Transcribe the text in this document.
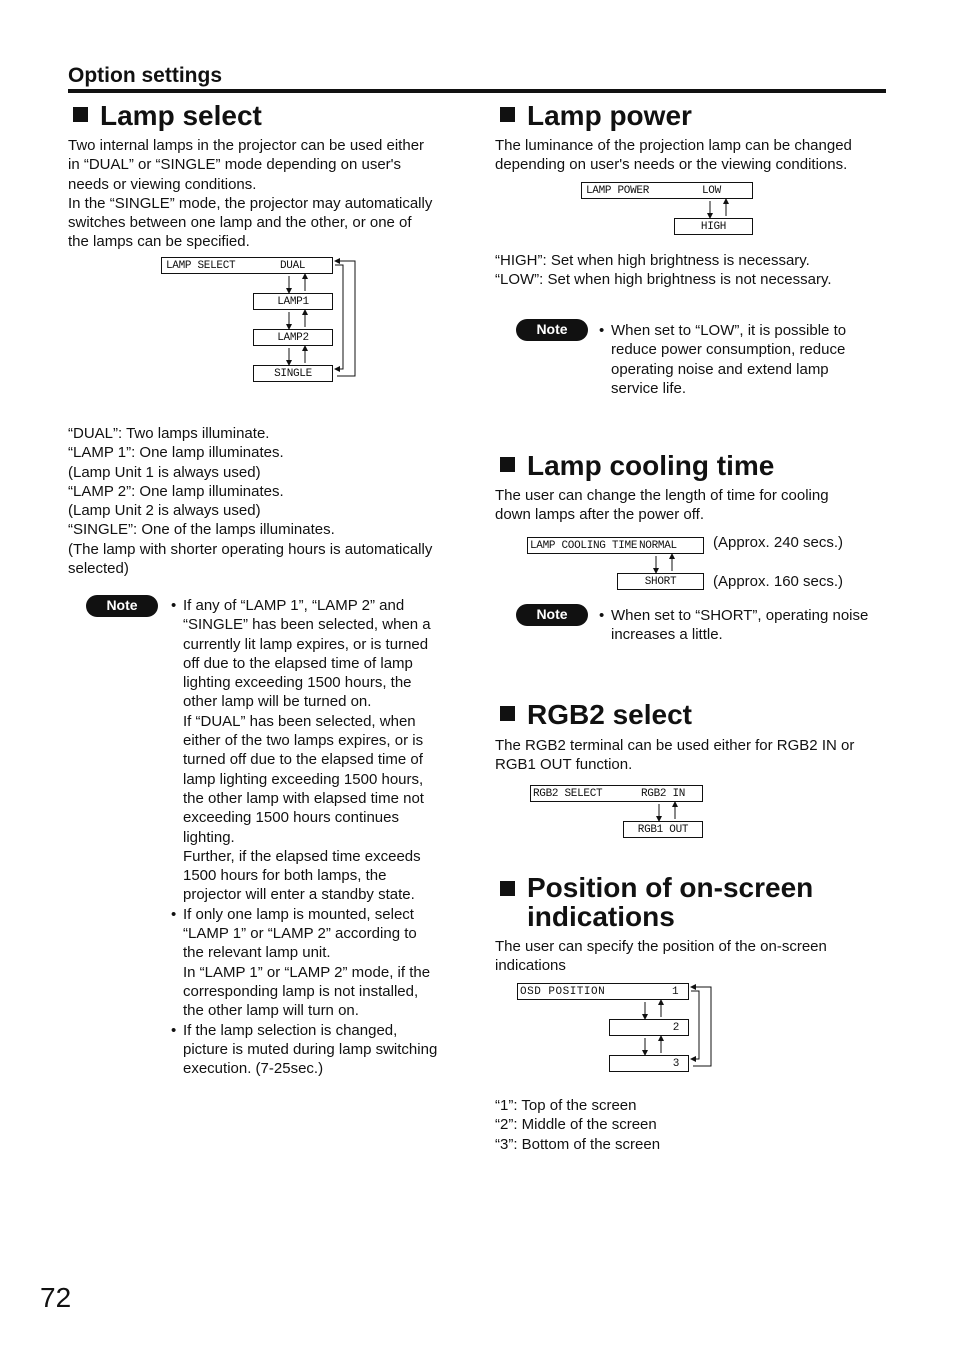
Option settings
Lamp select

Two internal lamps in the projector can be used either

in “DUAL” or “SINGLE” mode depending on user's

needs or viewing conditions.

In the “SINGLE” mode, the projector may automatically

switches between one lamp and the other, or one of

the lamps can be specified.

LAMP SELECT	DUAL
LAMP1
LAMP2
SINGLE

“DUAL”: Two lamps illuminate.

“LAMP 1”: One lamp illuminates.

(Lamp Unit 1 is always used)

“LAMP 2”: One lamp illuminates.

(Lamp Unit 2 is always used)

“SINGLE”: One of the lamps illuminates.

(The lamp with shorter operating hours is automatically

selected)

Note	• If any of “LAMP 1”, “LAMP 2” and

“SINGLE” has been selected, when a

currently lit lamp expires, or is turned

off due to the elapsed time of lamp

lighting exceeding 1500 hours, the

other lamp will be turned on.

If “DUAL” has been selected, when

either of the two lamps expires, or is

turned off due to the elapsed time of

lamp lighting exceeding 1500 hours,

the other lamp with elapsed time not

exceeding 1500 hours continues

lighting.

Further, if the elapsed time exceeds

1500 hours for both lamps, the

projector will enter a standby state.

• If only one lamp is mounted, select

“LAMP 1” or “LAMP 2” according to

the relevant lamp unit.

In “LAMP 1” or “LAMP 2” mode, if the

corresponding lamp is not installed,

the other lamp will turn on.

• If the lamp selection is changed,

picture is muted during lamp switching

execution. (7-25sec.)

Lamp power

The luminance of the projection lamp can be changed

depending on user's needs or the viewing conditions.

LAMP POWER	LOW
HIGH

“HIGH”: Set when high brightness is necessary.

“LOW”: Set when high brightness is not necessary.

Note	• When set to “LOW”, it is possible to

reduce power consumption, reduce

operating noise and extend lamp

service life.

Lamp cooling time

The user can change the length of time for cooling

down lamps after the power off.

LAMP COOLING TIME NORMAL
SHORT
(Approx. 240 secs.)
(Approx. 160 secs.)
Note	• When set to “SHORT”, operating noise

increases a little.

RGB2 select

The RGB2 terminal can be used either for RGB2 IN or

RGB1 OUT function.

RGB2 SELECT	RGB2 IN
RGB1 OUT
Position of on-screen
indications

The user can specify the position of the on-screen

indications

OSD POSITION	1
2
3

“1”: Top of the screen

“2”: Middle of the screen

“3”: Bottom of the screen

72
